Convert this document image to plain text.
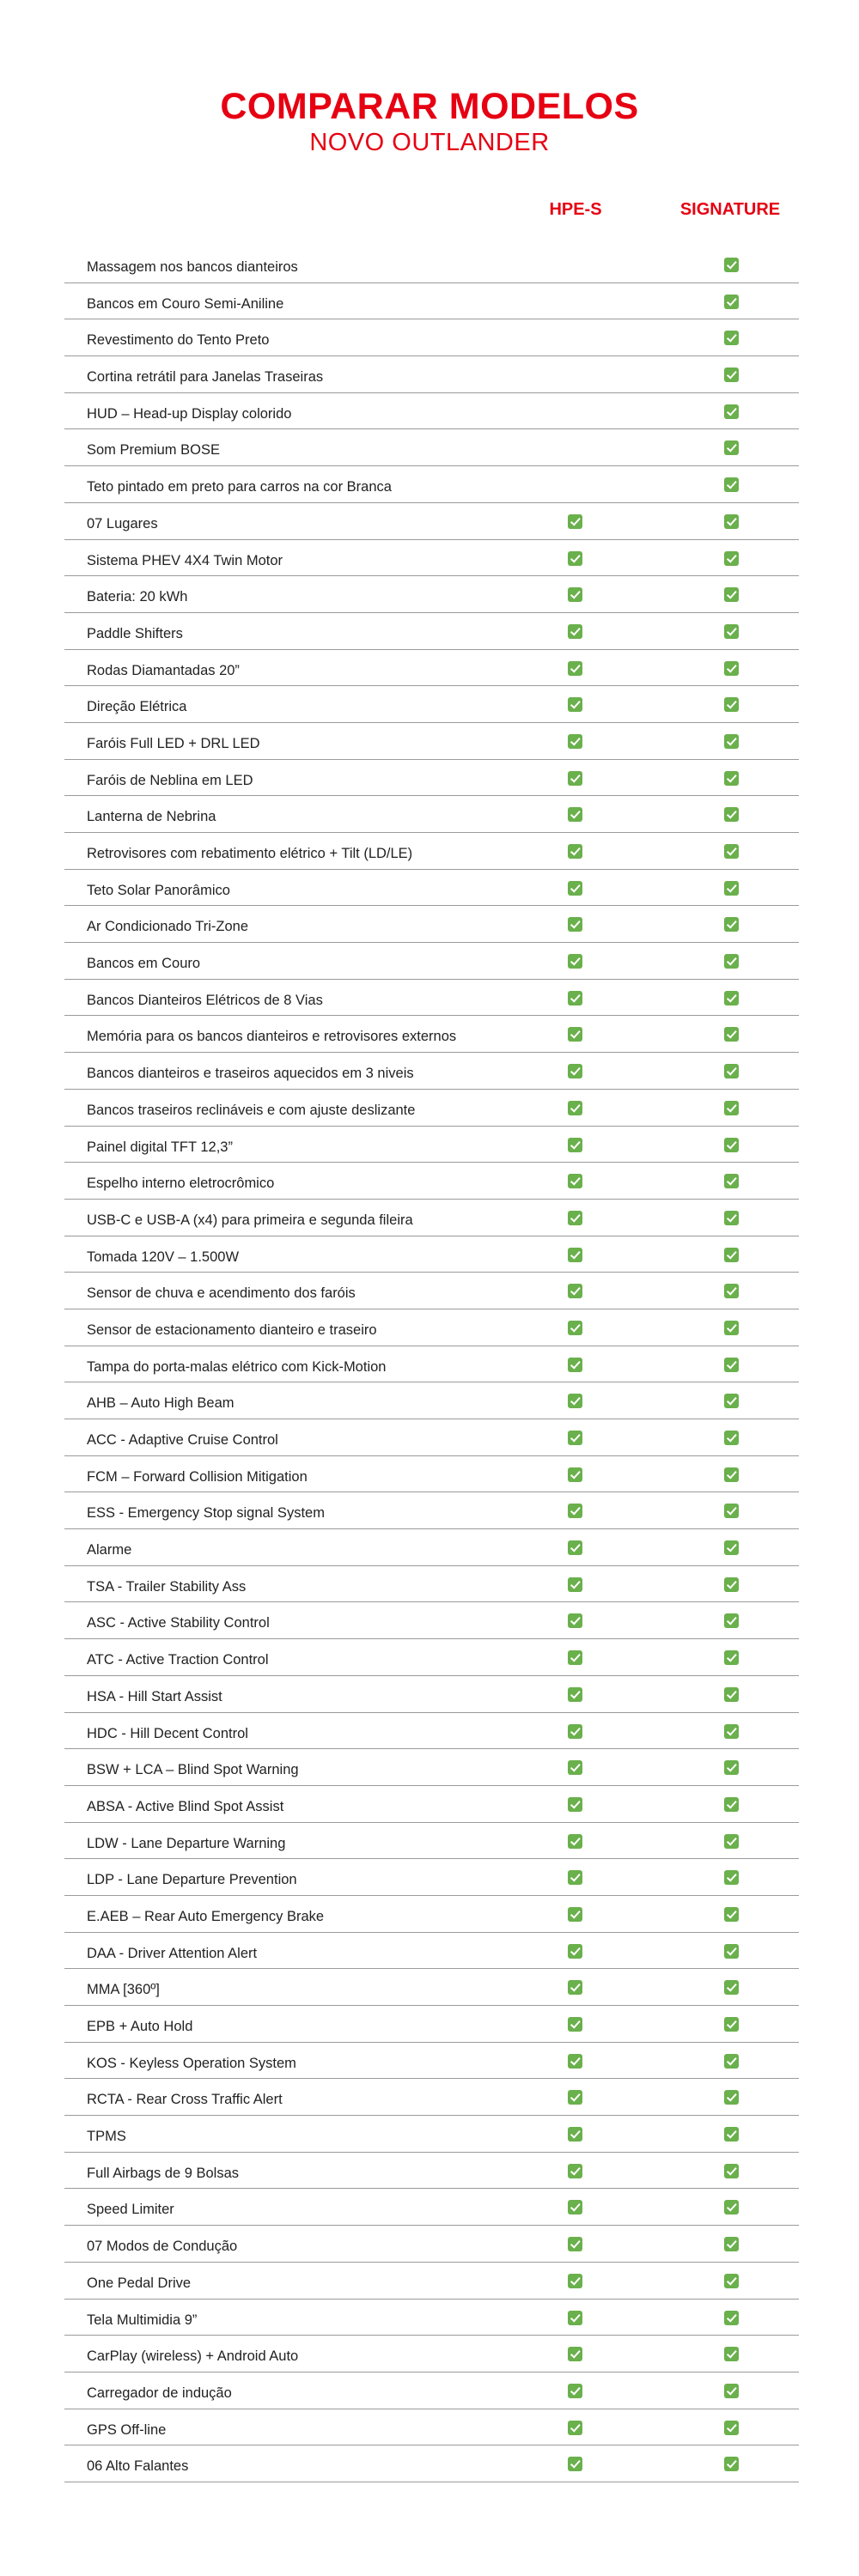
COMPARAR MODELOS
NOVO OUTLANDER
HPE-S	SIGNATURE
Massagem nos bancos dianteiros
Bancos em Couro Semi-Aniline
Revestimento do Tento Preto
Cortina retrátil para Janelas Traseiras
HUD – Head-up Display colorido
Som Premium BOSE
Teto pintado em preto para carros na cor Branca
07 Lugares
Sistema PHEV 4X4 Twin Motor
Bateria: 20 kWh
Paddle Shifters
Rodas Diamantadas 20”
Direção Elétrica
Faróis Full LED + DRL LED
Faróis de Neblina em LED
Lanterna de Nebrina
Retrovisores com rebatimento elétrico + Tilt (LD/LE)
Teto Solar Panorâmico
Ar Condicionado Tri-Zone
Bancos em Couro
Bancos Dianteiros Elétricos de 8 Vias
Memória para os bancos dianteiros e retrovisores externos
Bancos dianteiros e traseiros aquecidos em 3 niveis
Bancos traseiros reclináveis e com ajuste deslizante
Painel digital TFT 12,3”
Espelho interno eletrocrômico
USB-C e USB-A (x4) para primeira e segunda fileira
Tomada 120V – 1.500W
Sensor de chuva e acendimento dos faróis
Sensor de estacionamento dianteiro e traseiro
Tampa do porta-malas elétrico com Kick-Motion
AHB – Auto High Beam
ACC - Adaptive Cruise Control
FCM – Forward Collision Mitigation
ESS - Emergency Stop signal System
Alarme
TSA - Trailer Stability Ass
ASC - Active Stability Control
ATC - Active Traction Control
HSA - Hill Start Assist
HDC - Hill Decent Control
BSW + LCA – Blind Spot Warning
ABSA - Active Blind Spot Assist
LDW - Lane Departure Warning
LDP - Lane Departure Prevention
E.AEB – Rear Auto Emergency Brake
DAA - Driver Attention Alert
MMA [360º]
EPB + Auto Hold
KOS - Keyless Operation System
RCTA - Rear Cross Traffic Alert
TPMS
Full Airbags de 9 Bolsas
Speed Limiter
07 Modos de Condução
One Pedal Drive
Tela Multimidia 9”
CarPlay (wireless) + Android Auto
Carregador de indução
GPS Off-line
06 Alto Falantes
